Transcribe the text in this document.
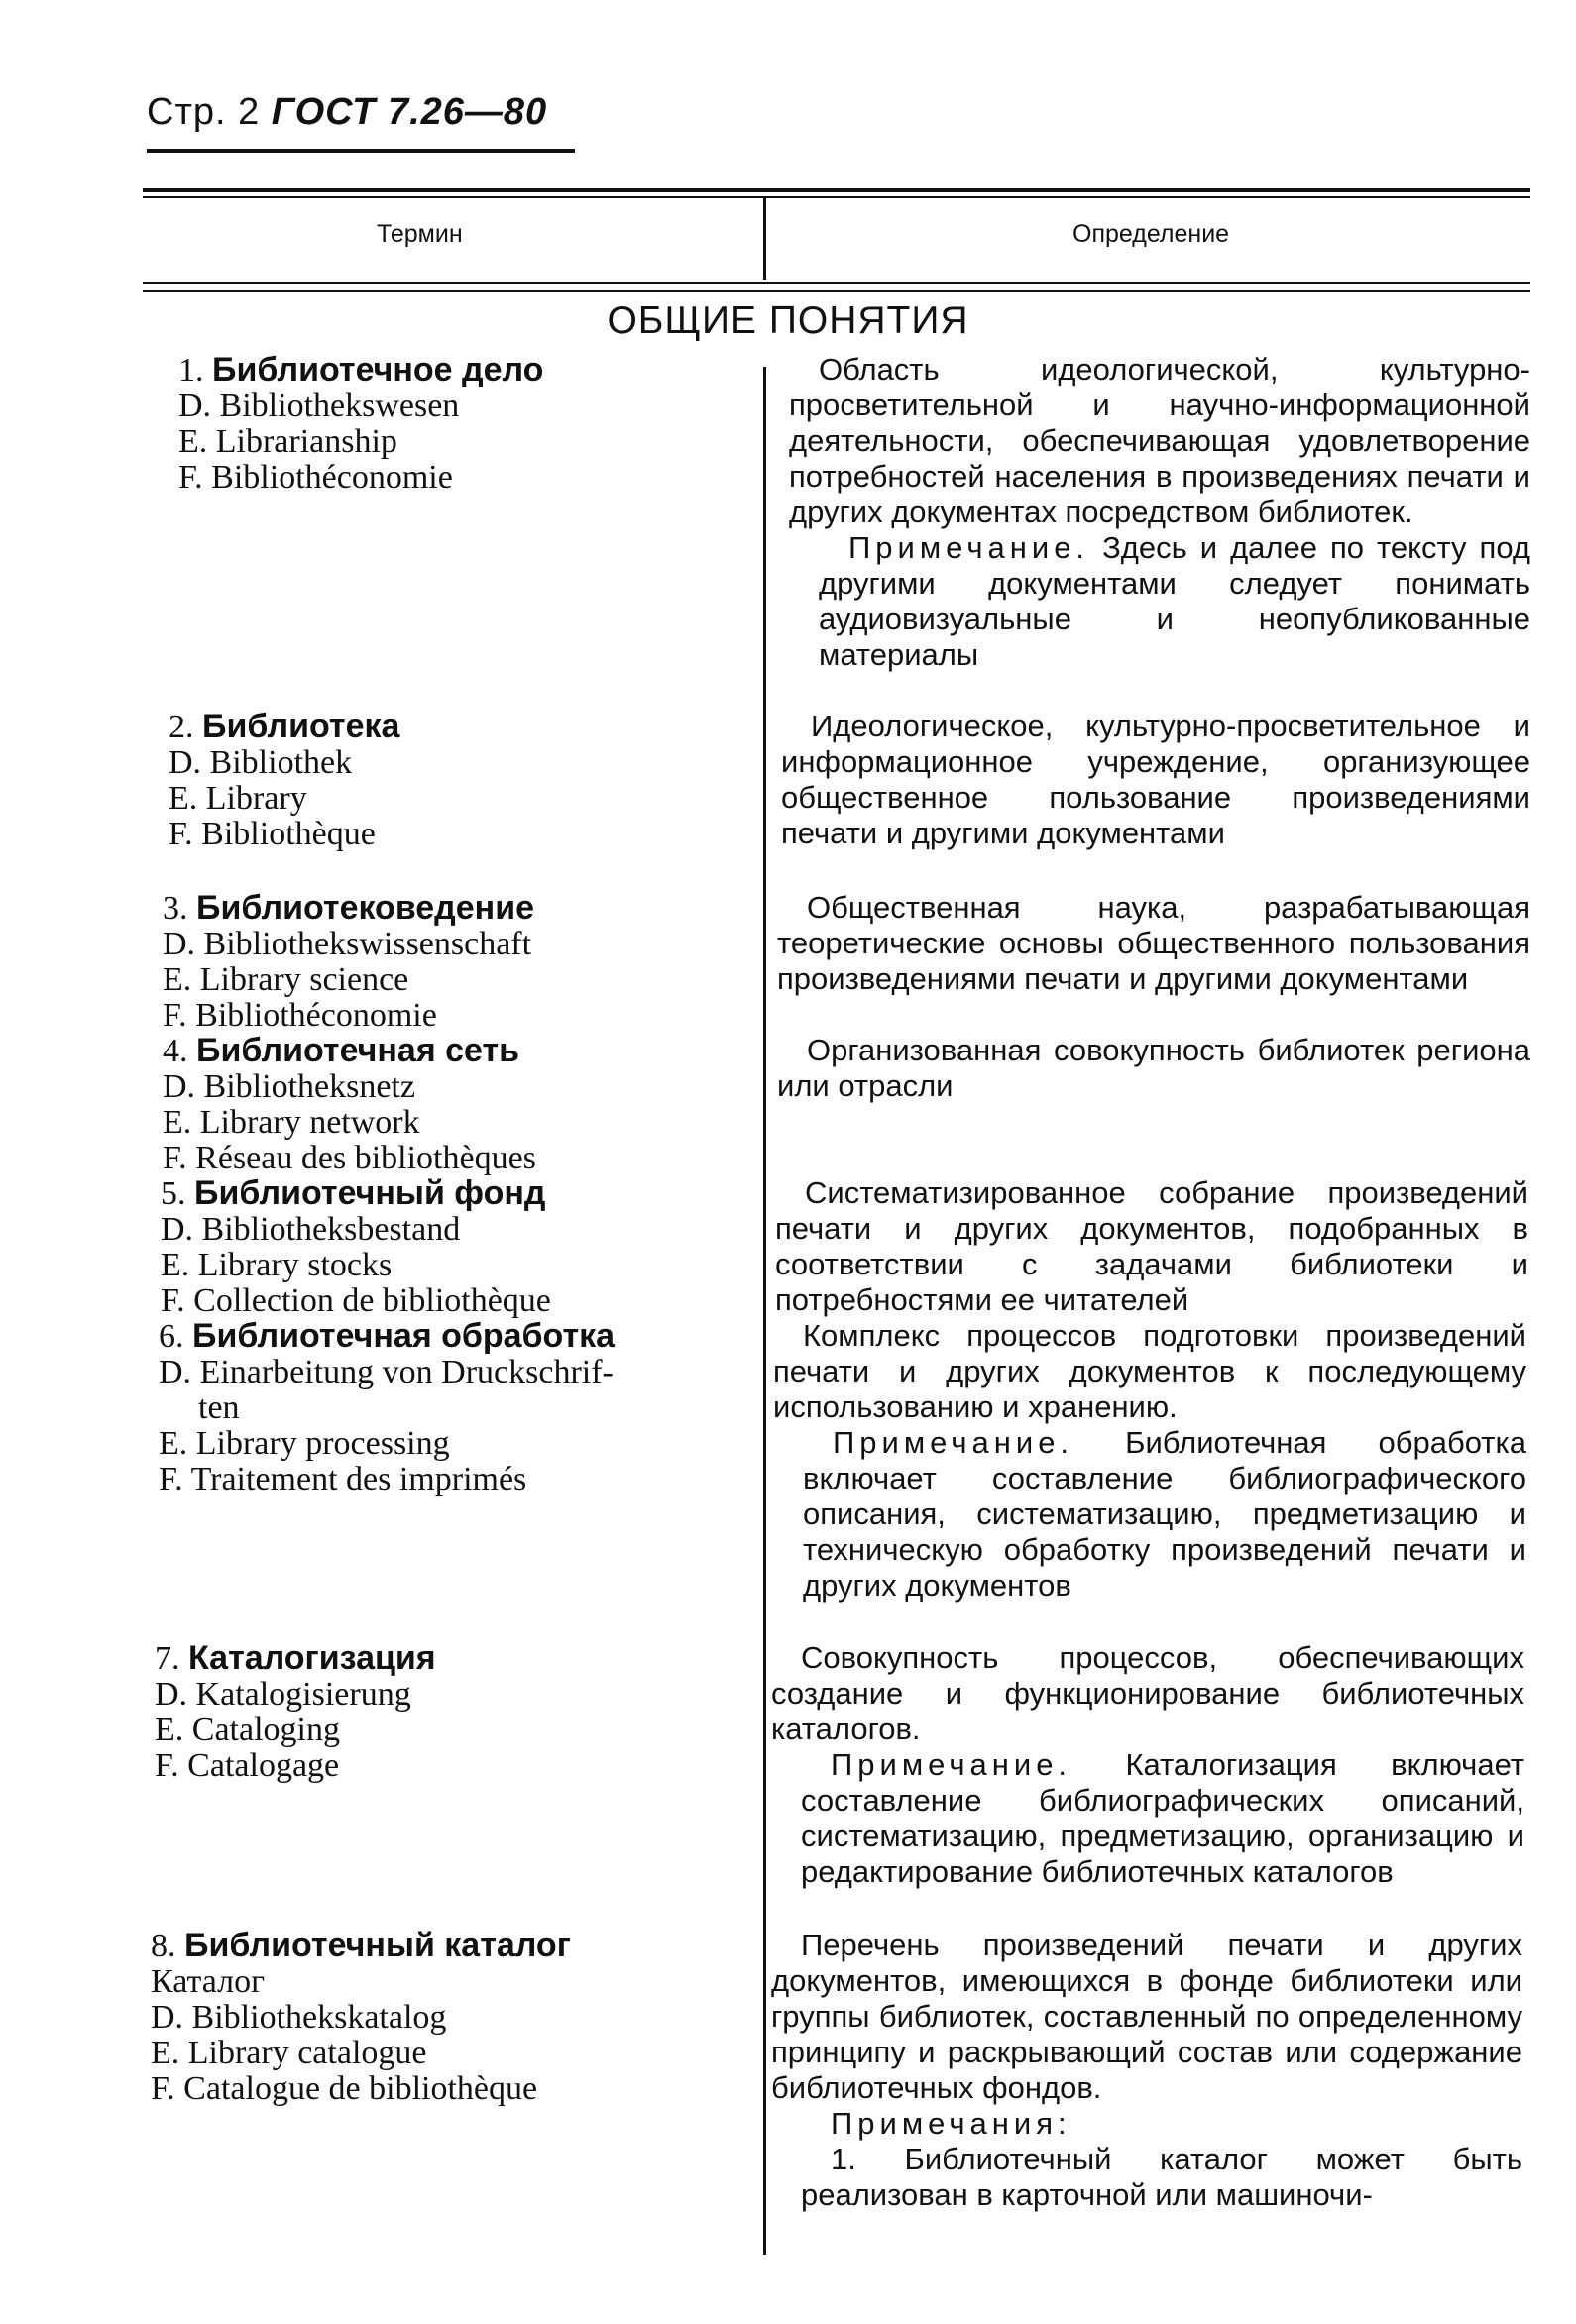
Стр. 2 ГОСТ 7.26—80
Термин	Определение
ОБЩИЕ ПОНЯТИЯ
1. Библиотечное дело
D. Bibliothekswesen
E. Librarianship
F. Bibliothéconomie
2. Библиотека
D. Bibliothek
E. Library
F. Bibliothèque
3. Библиотековедение
D. Bibliothekswissenschaft
E. Library science
F. Bibliothéconomie
4. Библиотечная сеть
D. Bibliotheksnetz
E. Library network
F. Réseau des bibliothèques
5. Библиотечный фонд
D. Bibliotheksbestand
E. Library stocks
F. Collection de bibliothèque
6. Библиотечная обработка
D. Einarbeitung von Druckschrif-
ten
E. Library processing
F. Traitement des imprimés
7. Каталогизация
D. Katalogisierung
E. Cataloging
F. Catalogage
8. Библиотечный каталог
Каталог
D. Bibliothekskatalog
E. Library catalogue
F. Catalogue de bibliothèque

Область идеологической, культурно-просветительной и научно-информационной деятельности, обеспечивающая удовлетворение потребностей населения в произведениях печати и других документах посредством библиотек.

Примечание. Здесь и далее по тексту под другими документами следует понимать аудиовизуальные и неопубликованные материалы

Идеологическое, культурно-просветительное и информационное учреждение, организующее общественное пользование произведениями печати и другими документами

Общественная наука, разрабатывающая теоретические основы общественного пользования произведениями печати и другими документами

Организованная совокупность библиотек региона или отрасли

Систематизированное собрание произведений печати и других документов, подобранных в соответствии с задачами библиотеки и потребностями ее читателей

Комплекс процессов подготовки произведений печати и других документов к последующему использованию и хранению.

Примечание. Библиотечная обработка включает составление библиографического описания, систематизацию, предметизацию и техническую обработку произведений печати и других документов

Совокупность процессов, обеспечивающих создание и функционирование библиотечных каталогов.

Примечание. Каталогизация включает составление библиографических описаний, систематизацию, предметизацию, организацию и редактирование библиотечных каталогов

Перечень произведений печати и других документов, имеющихся в фонде библиотеки или группы библиотек, составленный по определенному принципу и раскрывающий состав или содержание библиотечных фондов.

Примечания:

1. Библиотечный каталог может быть реализован в карточной или машиночи-
